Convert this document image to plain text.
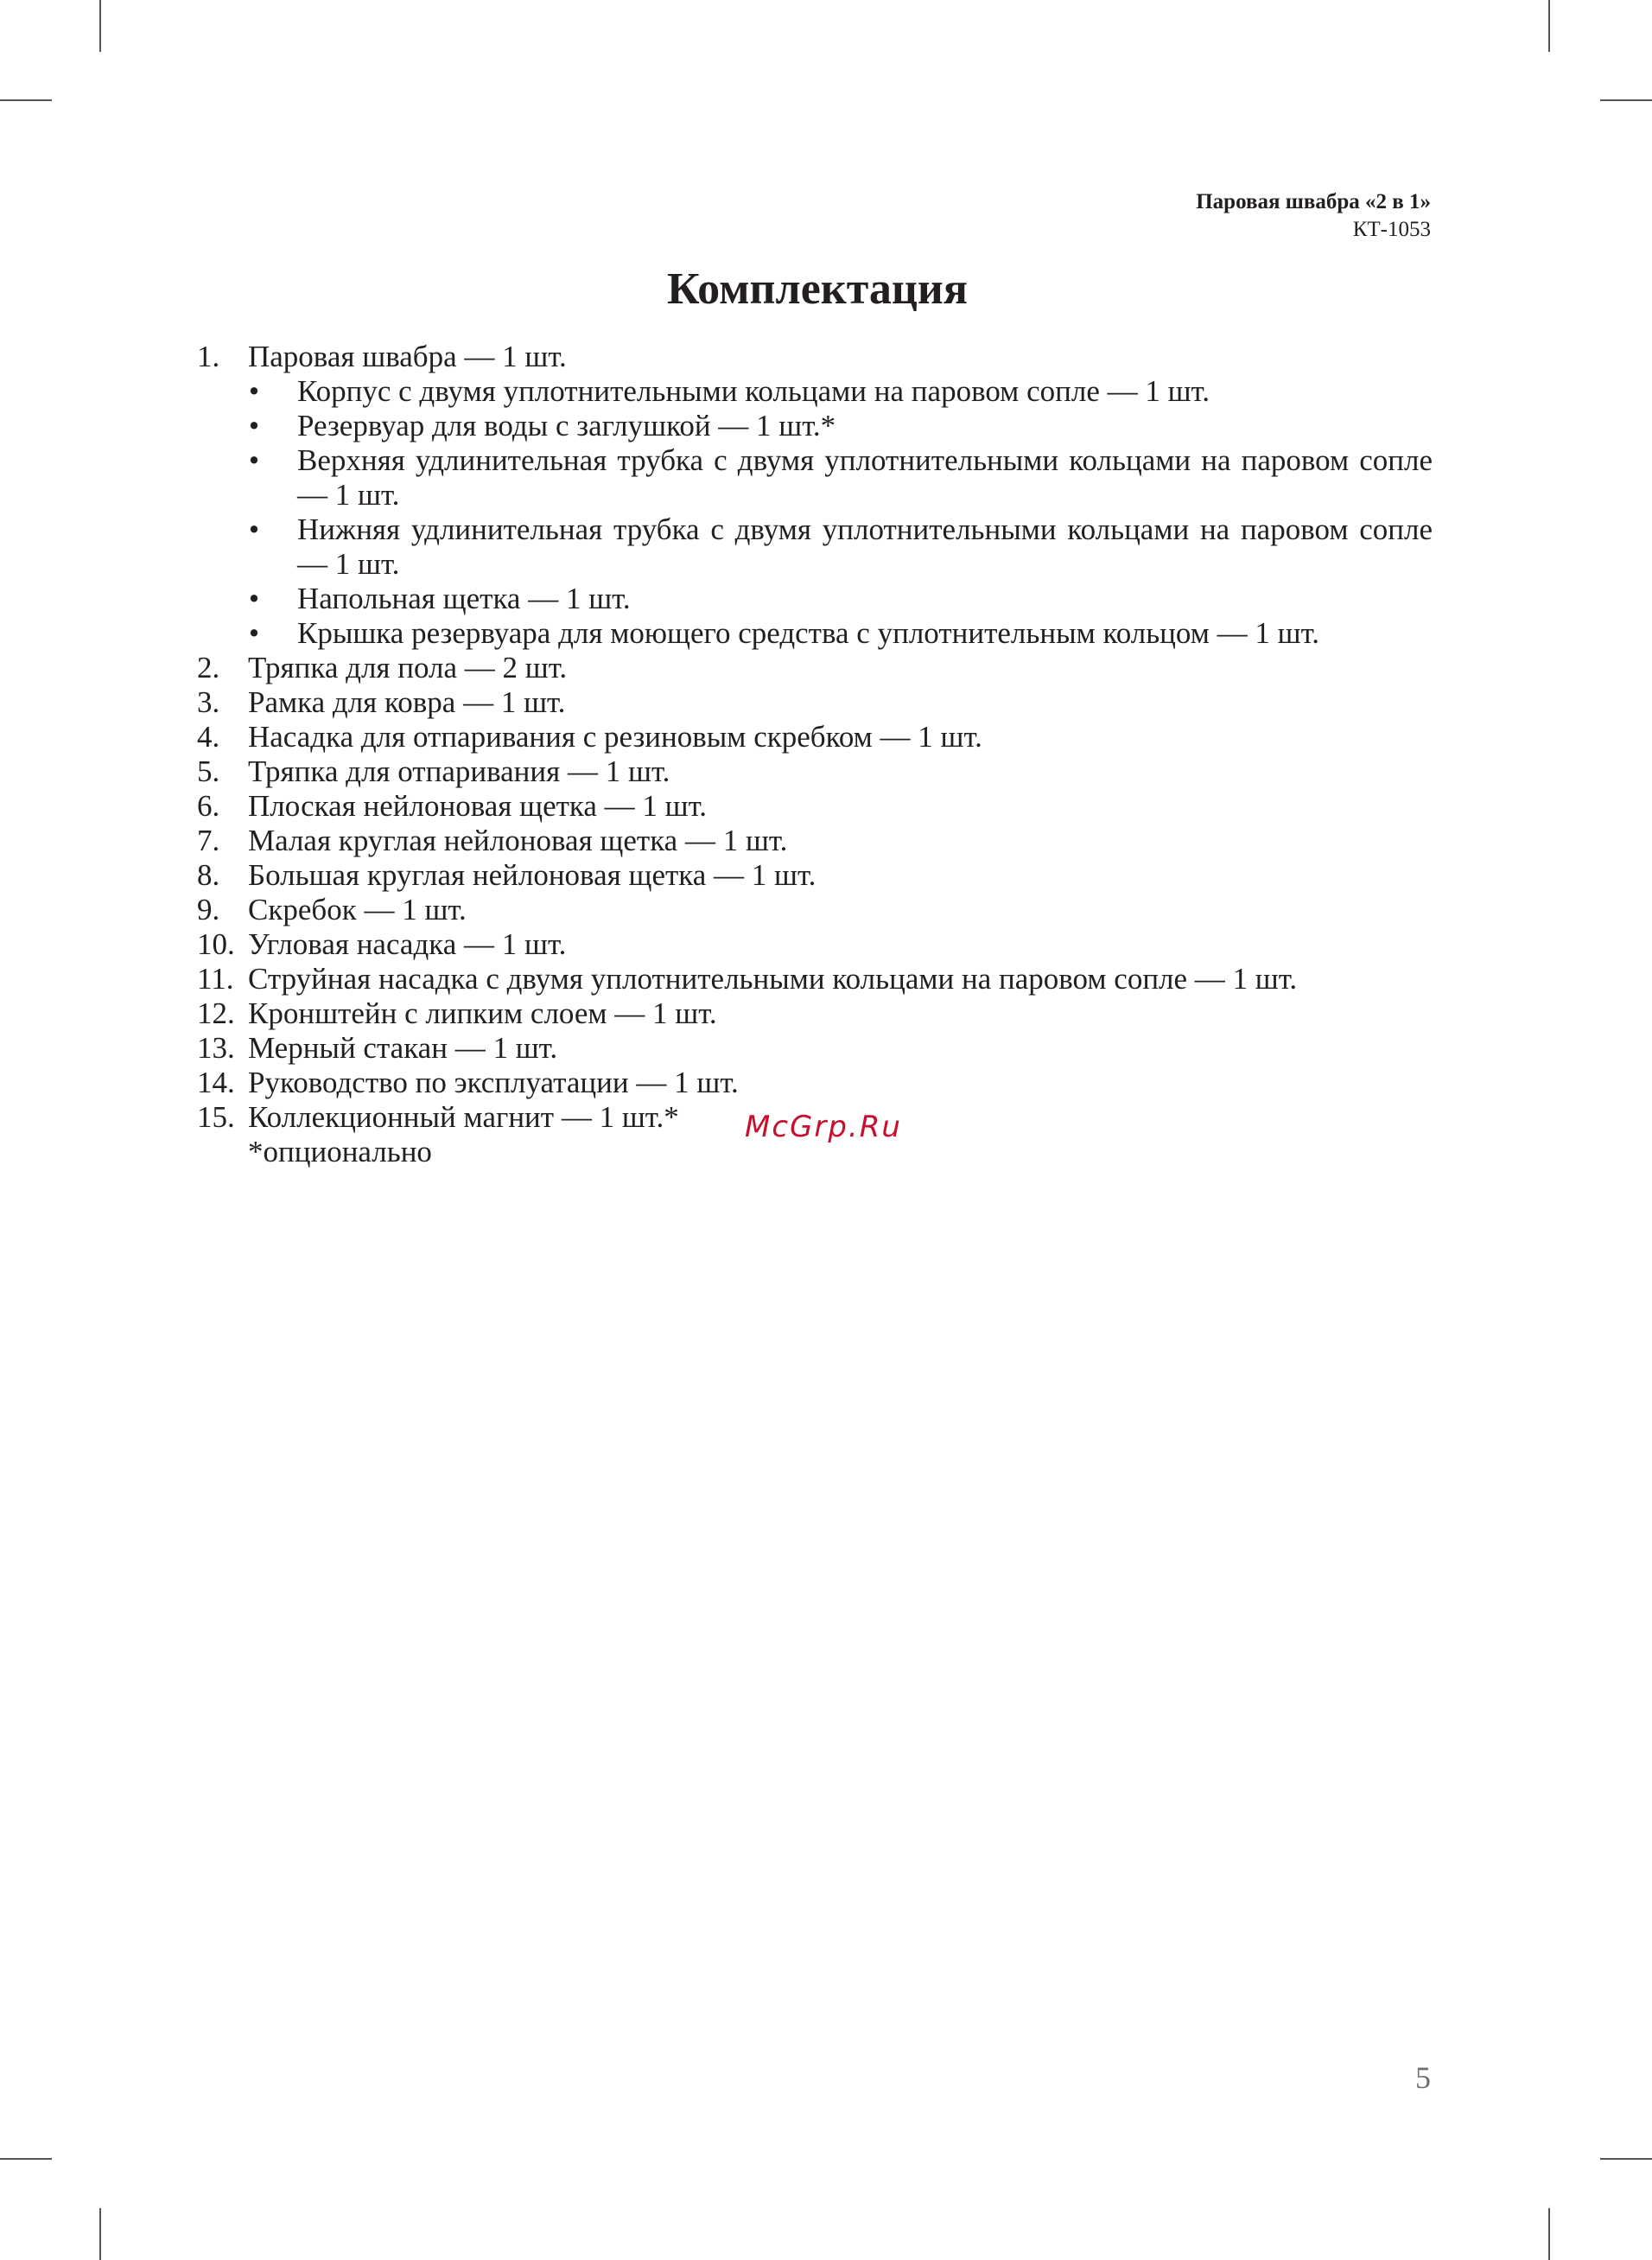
Паровая швабра «2 в 1»
КТ-1053
Комплектация
1. Паровая швабра — 1 шт.
•	Корпус с двумя уплотнительными кольцами на паровом сопле — 1 шт.
•	Резервуар для воды с заглушкой — 1 шт.*
•	Верхняя удлинительная трубка с двумя уплотнительными кольцами на паровом сопле — 1 шт.
•	Нижняя удлинительная трубка с двумя уплотнительными кольцами на паровом сопле — 1 шт.
•	Напольная щетка — 1 шт.
•	Крышка резервуара для моющего средства с уплотнительным кольцом — 1 шт.
2. Тряпка для пола — 2 шт.
3. Рамка для ковра — 1 шт.
4. Насадка для отпаривания с резиновым скребком — 1 шт.
5. Тряпка для отпаривания — 1 шт.
6. Плоская нейлоновая щетка — 1 шт.
7. Малая круглая нейлоновая щетка — 1 шт.
8. Большая круглая нейлоновая щетка — 1 шт.
9. Скребок — 1 шт.
10. Угловая насадка — 1 шт.
11. Струйная насадка с двумя уплотнительными кольцами на паровом сопле — 1 шт.
12. Кронштейн с липким слоем — 1 шт.
13. Мерный стакан — 1 шт.
14. Руководство по эксплуатации — 1 шт.
15. Коллекционный магнит — 1 шт.*
*опционально
McGrp.Ru
5
